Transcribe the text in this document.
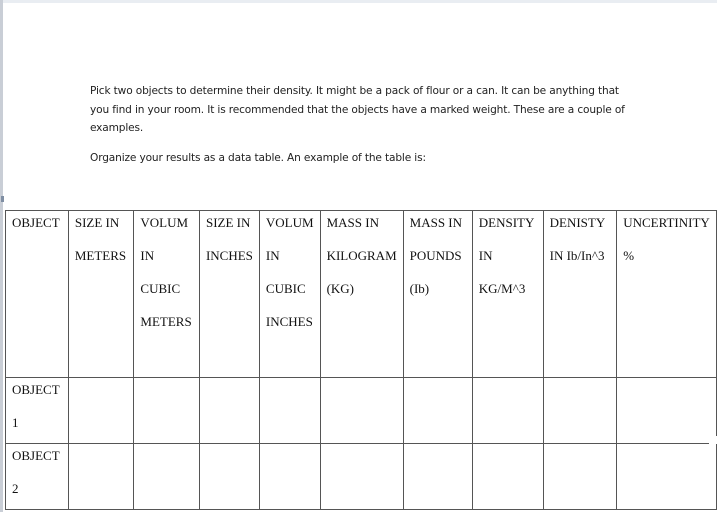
Pick two objects to determine their density. It might be a pack of flour or a can. It can be anything that you find in your room. It is recommended that the objects have a marked weight. These are a couple of examples.
Organize your results as a data table. An example of the table is:
OBJECT	SIZE IN METERS	VOLUM IN CUBIC METERS	SIZE IN INCHES	VOLUM IN CUBIC INCHES	MASS IN KILOGRAM (KG)	MASS IN POUNDS (Ib)	DENSITY IN KG/M^3	DENISTY IN Ib/In^3	UNCERTINITY %

OBJECT 1									

OBJECT 2									
